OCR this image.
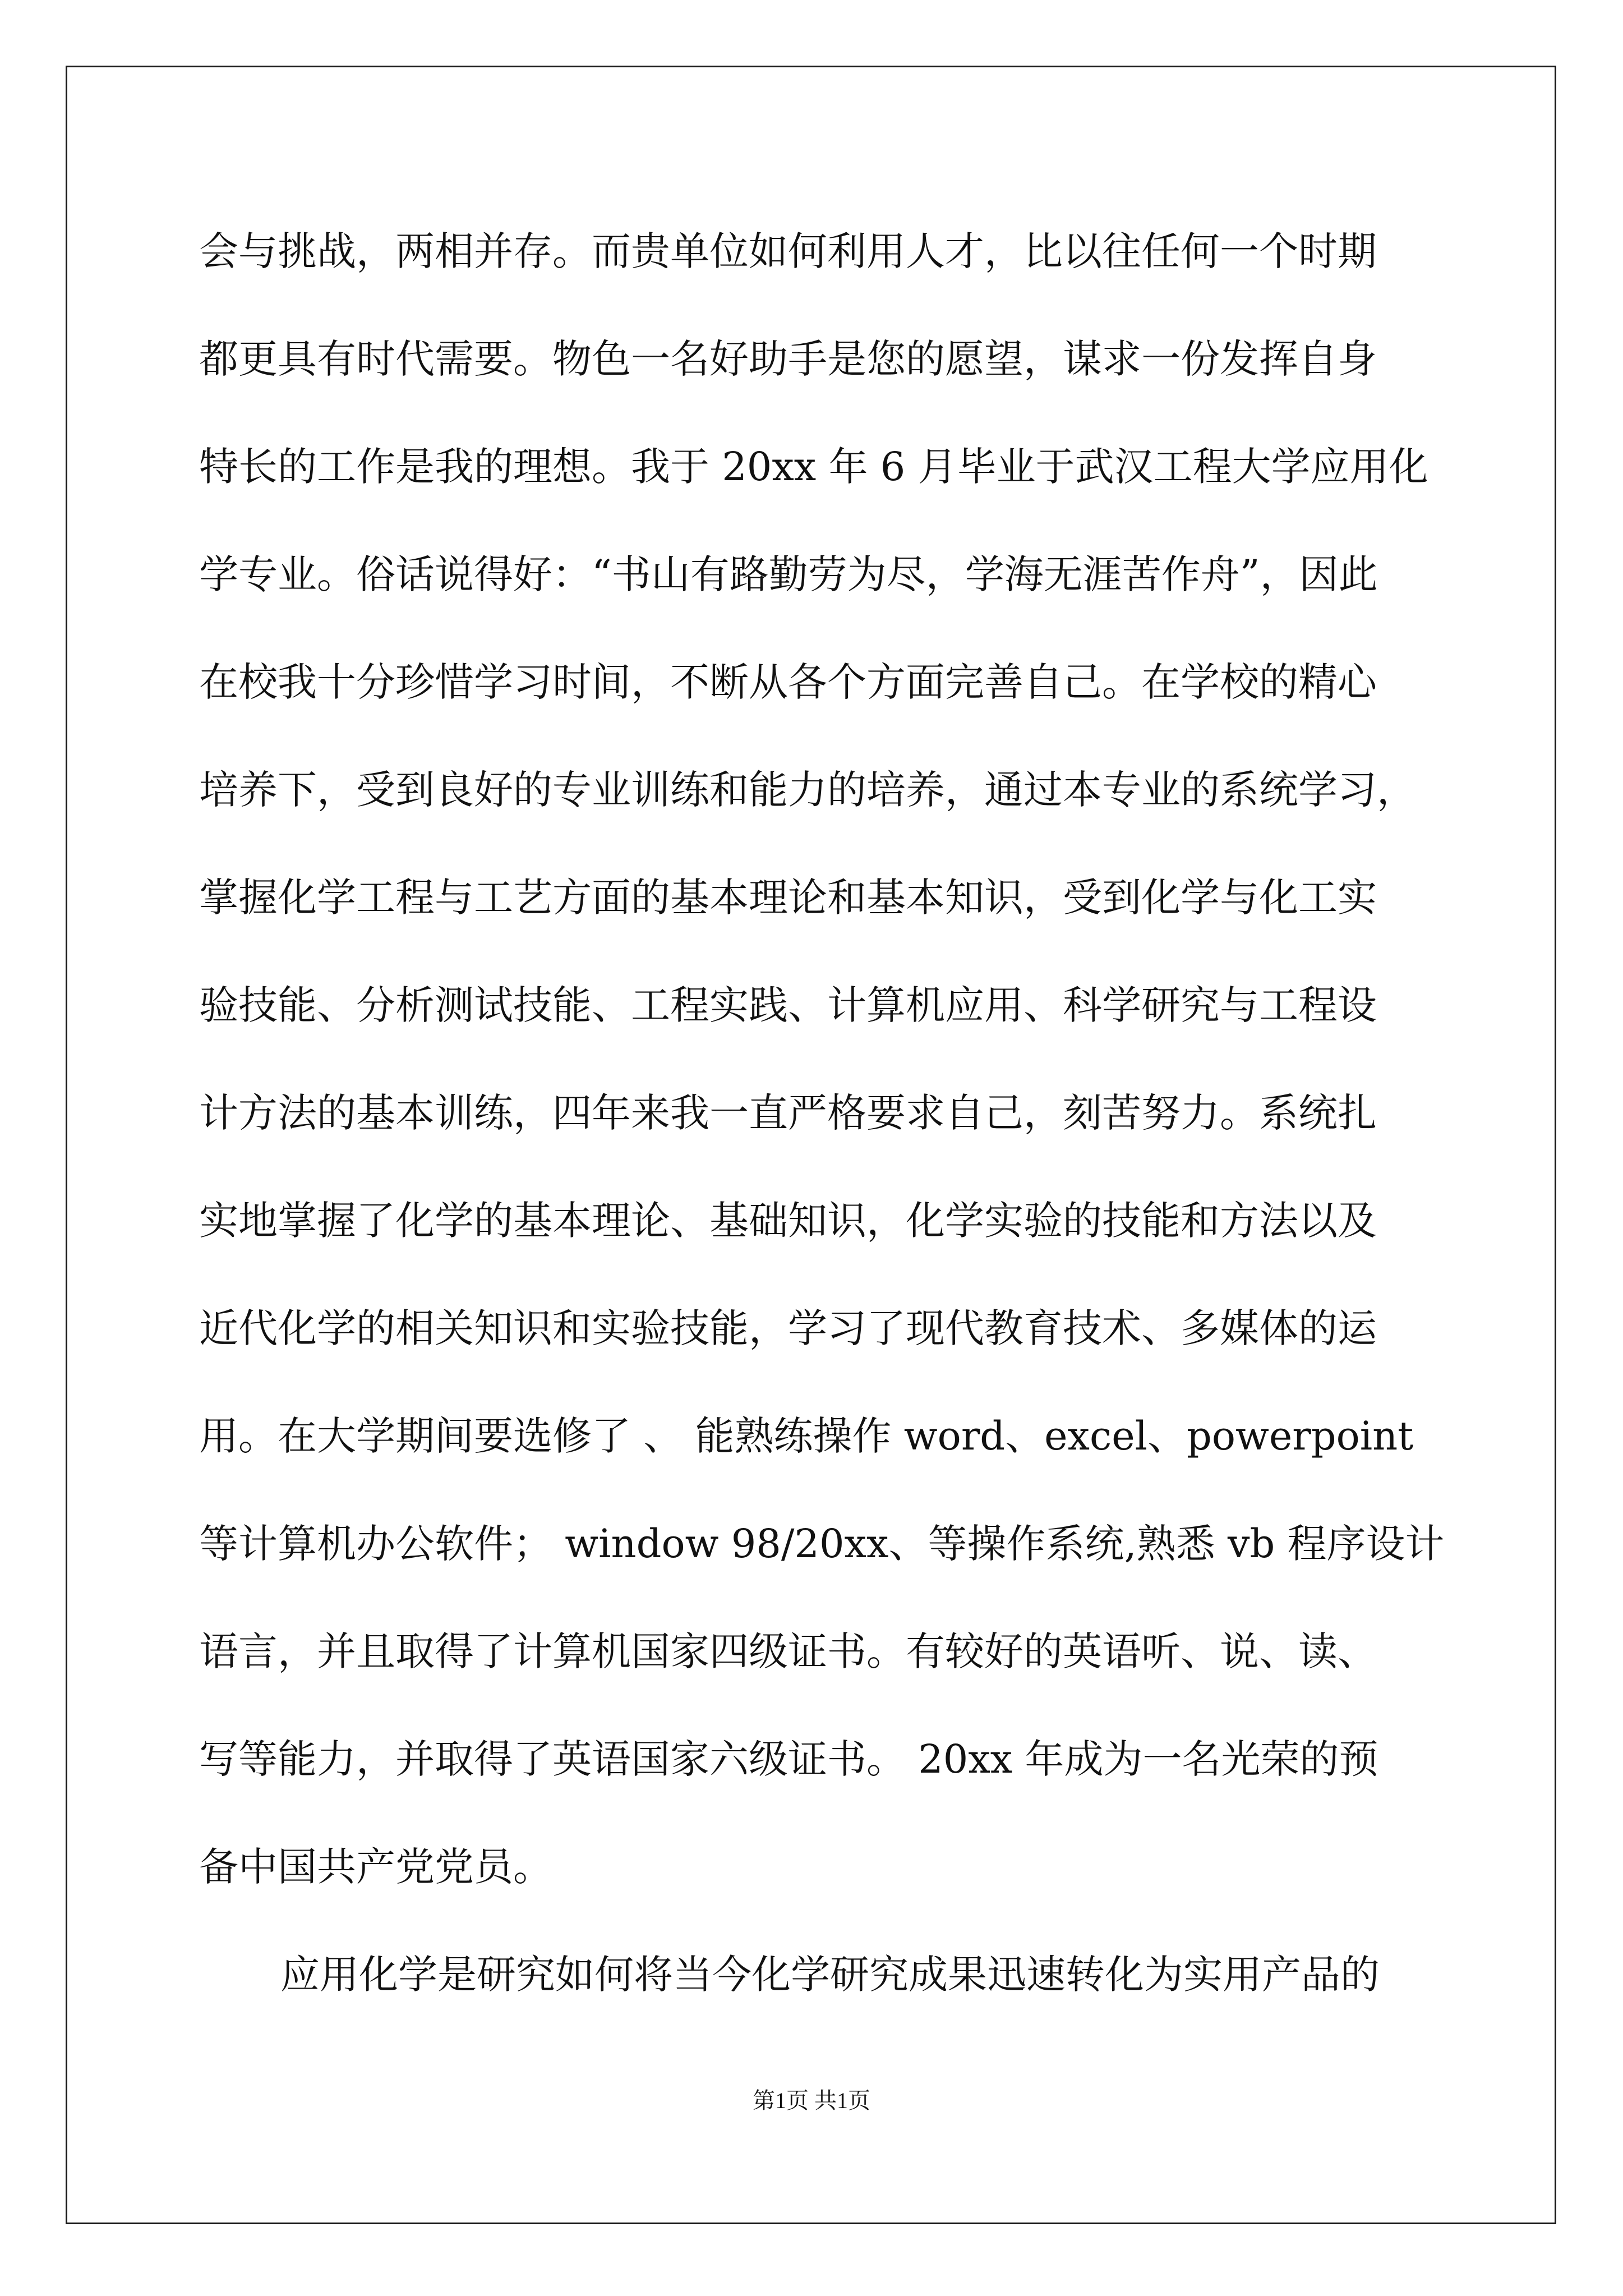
会与挑战，两相并存。而贵单位如何利用人才，比以往任何一个时期
都更具有时代需要。物色一名好助手是您的愿望，谋求一份发挥自身
特长的工作是我的理想。我于 20xx 年 6 月毕业于武汉工程大学应用化
学专业。俗话说得好：“书山有路勤劳为尽，学海无涯苦作舟”，因此
在校我十分珍惜学习时间，不断从各个方面完善自己。在学校的精心
培养下，受到良好的专业训练和能力的培养，通过本专业的系统学习，
掌握化学工程与工艺方面的基本理论和基本知识，受到化学与化工实
验技能、分析测试技能、工程实践、计算机应用、科学研究与工程设
计方法的基本训练，四年来我一直严格要求自己，刻苦努力。系统扎
实地掌握了化学的基本理论、基础知识，化学实验的技能和方法以及
近代化学的相关知识和实验技能，学习了现代教育技术、多媒体的运
用。在大学期间要选修了 、 能熟练操作 word、excel、powerpoint
等计算机办公软件； window 98/20xx、等操作系统,熟悉 vb 程序设计
语言，并且取得了计算机国家四级证书。有较好的英语听、说、读、
写等能力，并取得了英语国家六级证书。 20xx 年成为一名光荣的预
备中国共产党党员。
应用化学是研究如何将当今化学研究成果迅速转化为实用产品的
第1页 共1页
